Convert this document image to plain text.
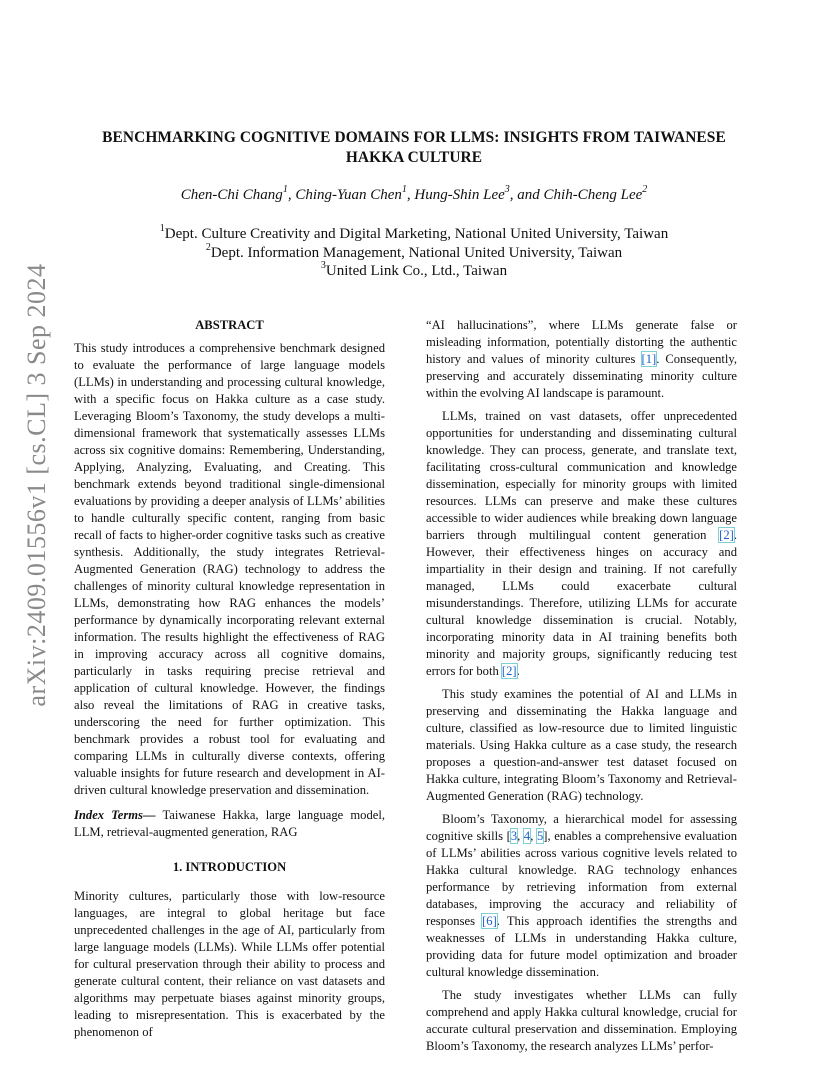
arXiv:2409.01556v1 [cs.CL] 3 Sep 2024
BENCHMARKING COGNITIVE DOMAINS FOR LLMS: INSIGHTS FROM TAIWANESE HAKKA CULTURE
Chen-Chi Chang$^1$, Ching-Yuan Chen$^1$, Hung-Shin Lee$^3$, and Chih-Cheng Lee$^2$
$^1$Dept. Culture Creativity and Digital Marketing, National United University, Taiwan
$^2$Dept. Information Management, National United University, Taiwan
$^3$United Link Co., Ltd., Taiwan
ABSTRACT

This study introduces a comprehensive benchmark designed to evaluate the performance of large language models (LLMs) in understanding and processing cultural knowledge, with a specific focus on Hakka culture as a case study. Leveraging Bloom’s Taxonomy, the study develops a multi-dimensional framework that systematically assesses LLMs across six cognitive domains: Remembering, Understanding, Applying, Analyzing, Evaluating, and Creating. This benchmark extends beyond traditional single-dimensional evaluations by providing a deeper analysis of LLMs’ abilities to handle culturally specific content, ranging from basic recall of facts to higher-order cognitive tasks such as creative synthesis. Additionally, the study integrates Retrieval-Augmented Generation (RAG) technology to address the challenges of minority cultural knowledge representation in LLMs, demonstrating how RAG enhances the models’ performance by dynamically incorporating relevant external information. The results highlight the effectiveness of RAG in improving accuracy across all cognitive domains, particularly in tasks requiring precise retrieval and application of cultural knowledge. However, the findings also reveal the limitations of RAG in creative tasks, underscoring the need for further optimization. This benchmark provides a robust tool for evaluating and comparing LLMs in culturally diverse contexts, offering valuable insights for future research and development in AI-driven cultural knowledge preservation and dissemination.

Index Terms— Taiwanese Hakka, large language model, LLM, retrieval-augmented generation, RAG

1. INTRODUCTION

Minority cultures, particularly those with low-resource languages, are integral to global heritage but face unprecedented challenges in the age of AI, particularly from large language models (LLMs). While LLMs offer potential for cultural preservation through their ability to process and generate cultural content, their reliance on vast datasets and algorithms may perpetuate biases against minority groups, leading to misrepresentation. This is exacerbated by the phenomenon of

“AI hallucinations”, where LLMs generate false or misleading information, potentially distorting the authentic history and values of minority cultures [1]. Consequently, preserving and accurately disseminating minority culture within the evolving AI landscape is paramount.

LLMs, trained on vast datasets, offer unprecedented opportunities for understanding and disseminating cultural knowledge. They can process, generate, and translate text, facilitating cross-cultural communication and knowledge dissemination, especially for minority groups with limited resources. LLMs can preserve and make these cultures accessible to wider audiences while breaking down language barriers through multilingual content generation [2]. However, their effectiveness hinges on accuracy and impartiality in their design and training. If not carefully managed, LLMs could exacerbate cultural misunderstandings. Therefore, utilizing LLMs for accurate cultural knowledge dissemination is crucial. Notably, incorporating minority data in AI training benefits both minority and majority groups, significantly reducing test errors for both [2].

This study examines the potential of AI and LLMs in preserving and disseminating the Hakka language and culture, classified as low-resource due to limited linguistic materials. Using Hakka culture as a case study, the research proposes a question-and-answer test dataset focused on Hakka culture, integrating Bloom’s Taxonomy and Retrieval-Augmented Generation (RAG) technology.

Bloom’s Taxonomy, a hierarchical model for assessing cognitive skills [3, 4, 5], enables a comprehensive evaluation of LLMs’ abilities across various cognitive levels related to Hakka cultural knowledge. RAG technology enhances performance by retrieving information from external databases, improving the accuracy and reliability of responses [6]. This approach identifies the strengths and weaknesses of LLMs in understanding Hakka culture, providing data for future model optimization and broader cultural knowledge dissemination.

The study investigates whether LLMs can fully comprehend and apply Hakka cultural knowledge, crucial for accurate cultural preservation and dissemination. Employing Bloom’s Taxonomy, the research analyzes LLMs’ perfor-
